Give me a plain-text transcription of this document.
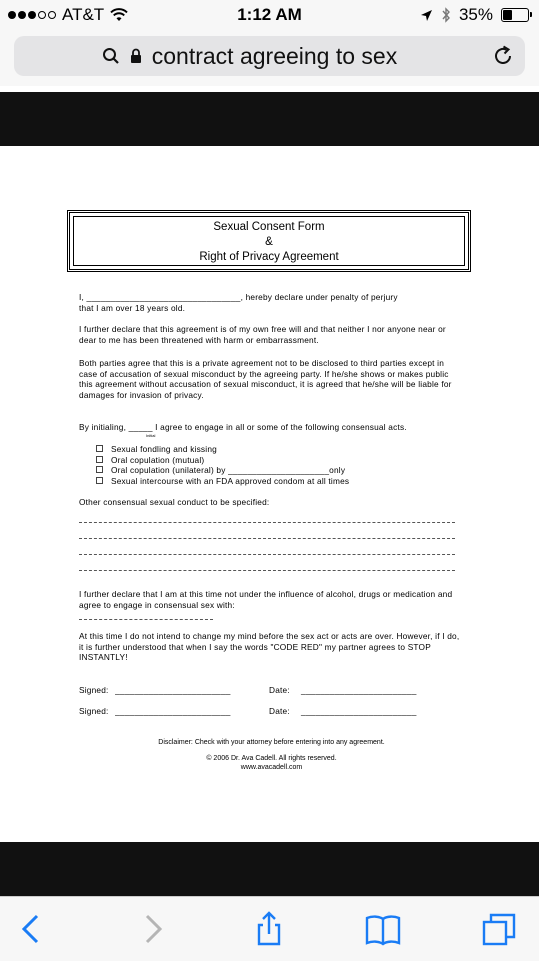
AT&T	1:12 AM	35%
contract agreeing to sex
Sexual Consent Form
&
Right of Privacy Agreement
I, ________________________________, hereby declare under penalty of perjury
that I am over 18 years old.
I further declare that this agreement is of my own free will and that neither I nor anyone near or dear to me has been threatened with harm or embarrassment.
Both parties agree that this is a private agreement not to be disclosed to third parties except in case of accusation of sexual misconduct by the agreeing party. If he/she shows or makes public this agreement without accusation of sexual misconduct, it is agreed that he/she will be liable for damages for invasion of privacy.
By initialing, _____ I agree to engage in all or some of the following consensual acts.
Initial
Sexual fondling and kissing
Oral copulation (mutual)
Oral copulation (unilateral) by _____________________only
Sexual intercourse with an FDA approved condom at all times
Other consensual sexual conduct to be specified:
I further declare that I am at this time not under the influence of alcohol, drugs or medication and agree to engage in consensual sex with:
At this time I do not intend to change my mind before the sex act or acts are over. However, if I do, it is further understood that when I say the words "CODE RED" my partner agrees to STOP INSTANTLY!
Signed: ________________________	Date: ________________________
Signed: ________________________	Date: ________________________
Disclaimer: Check with your attorney before entering into any agreement.
© 2006 Dr. Ava Cadell. All rights reserved.
www.avacadell.com
